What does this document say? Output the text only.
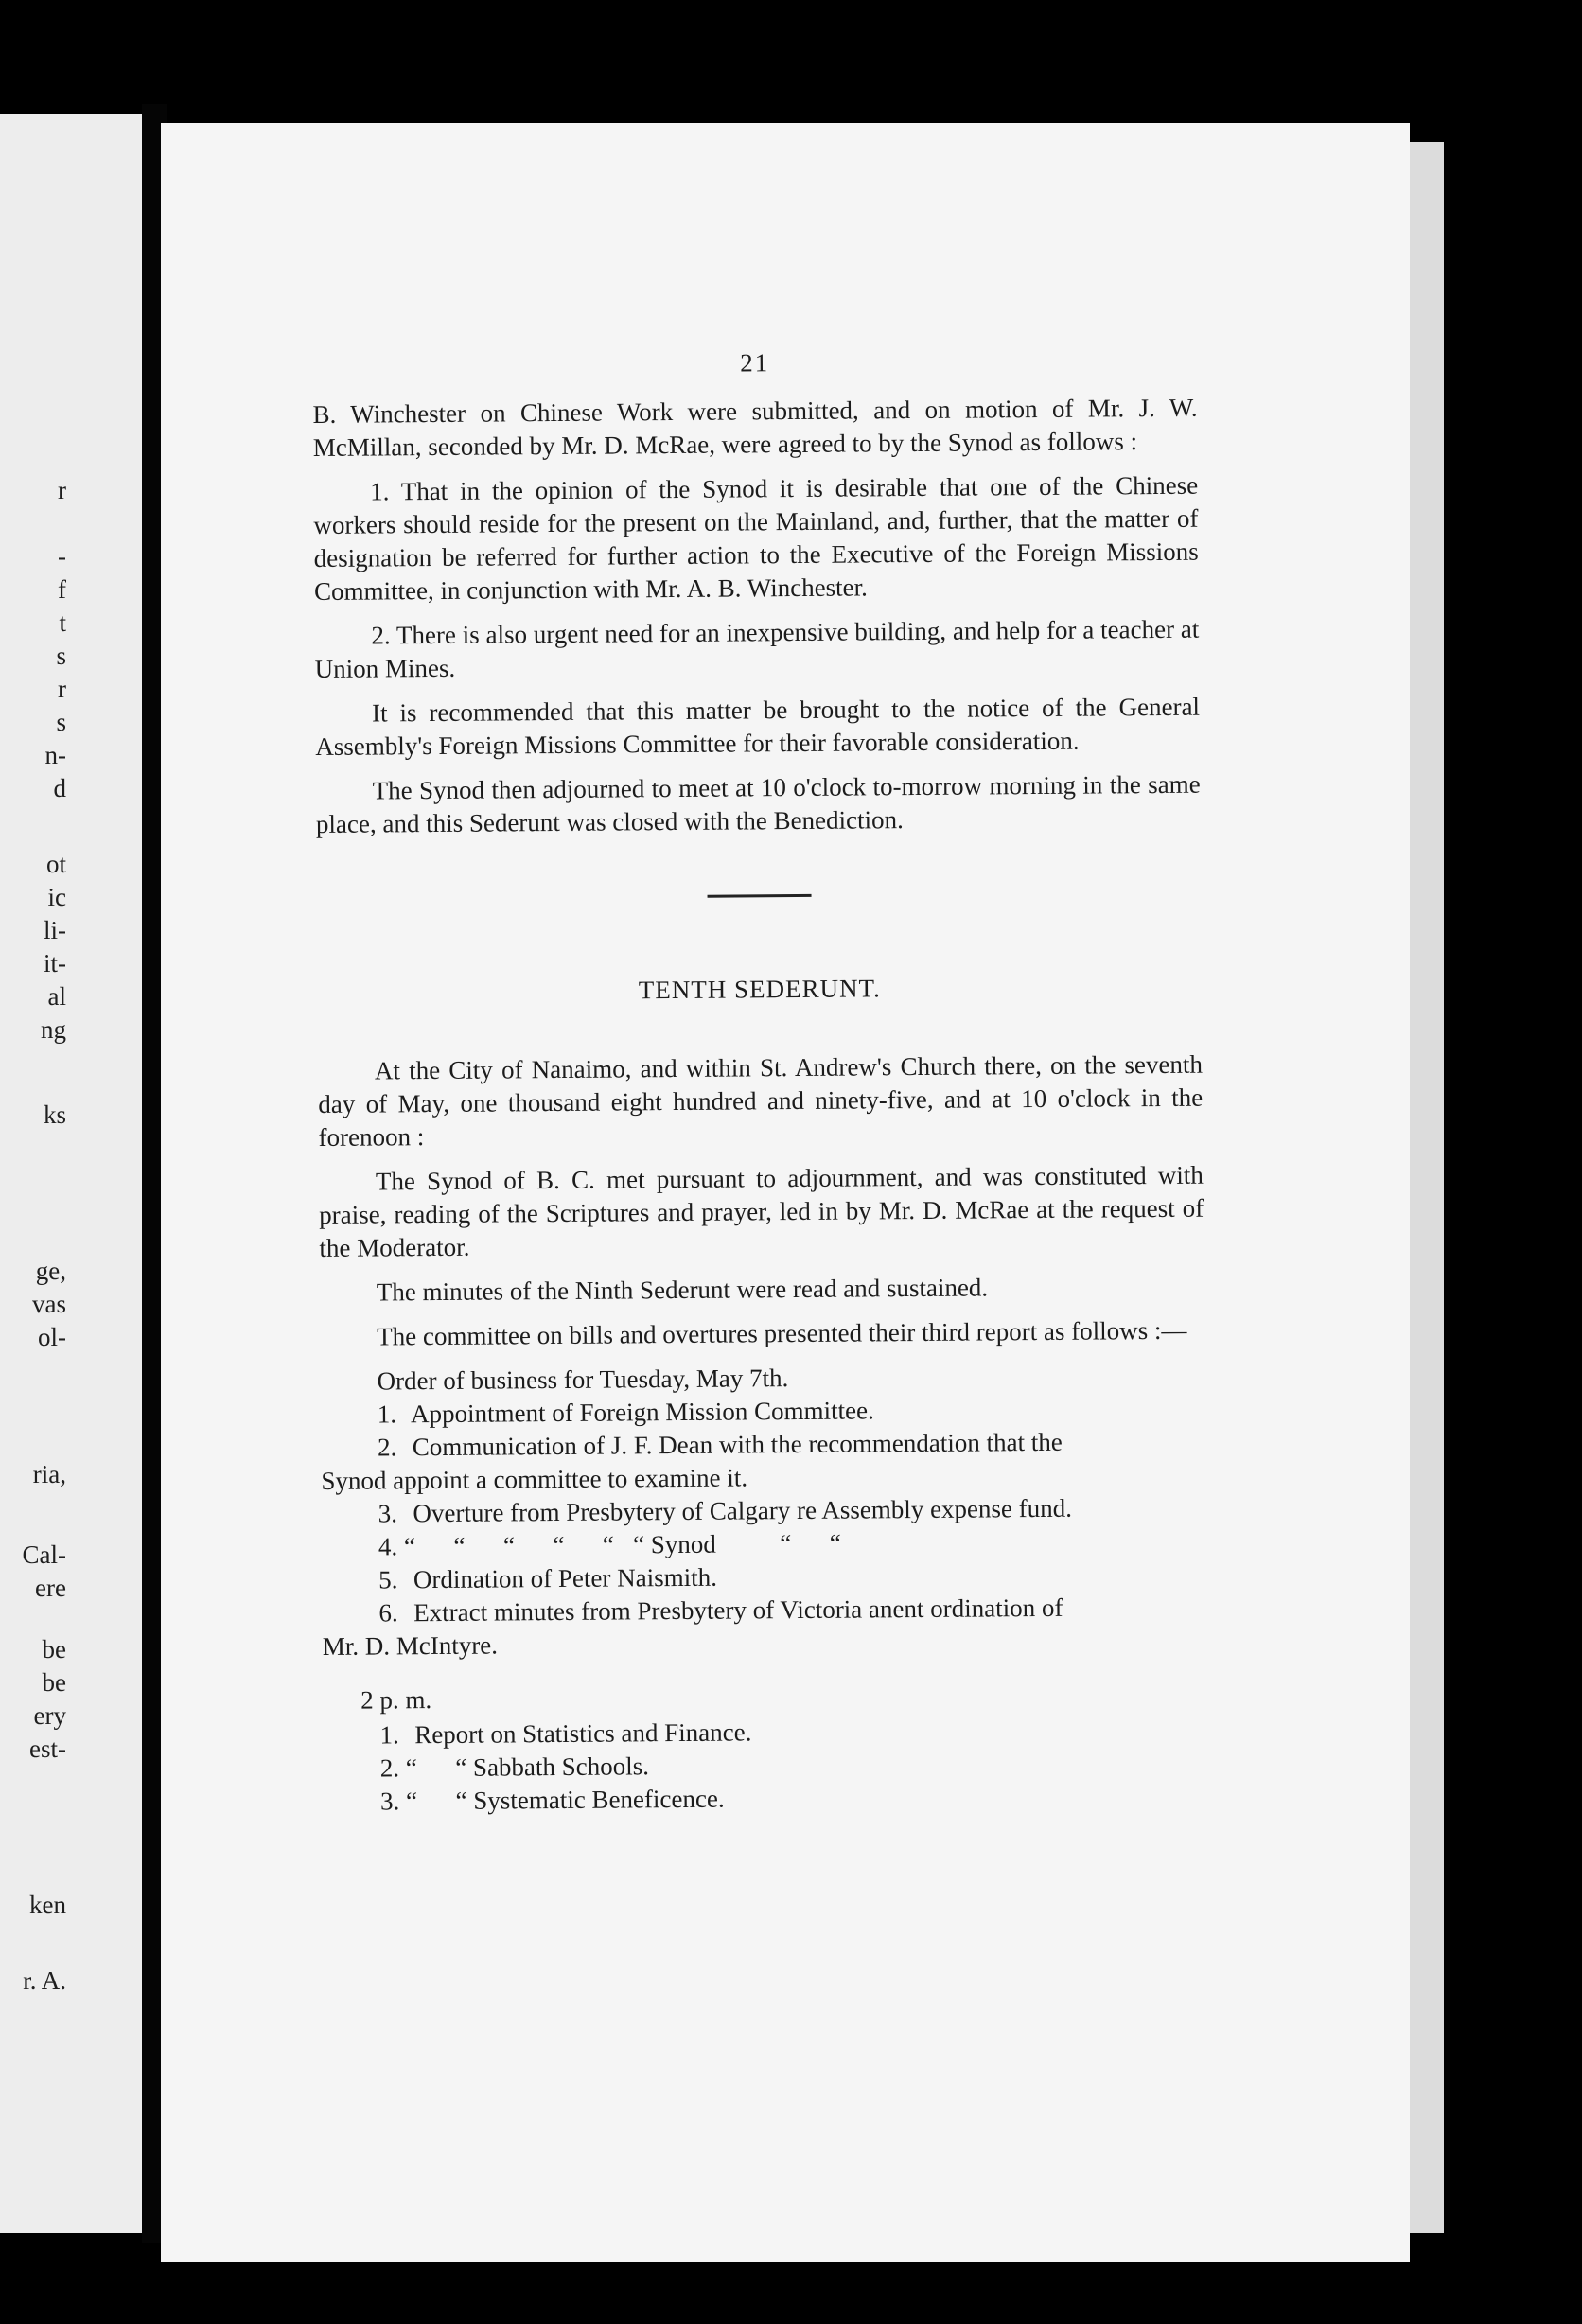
r
-
f
t
s
r
s
n-
d
ot
ic
li-
it-
al
ng
ks
ge,
vas
ol-
ria,
Cal-
ere
be
be
ery
est-
ken
r. A.
21

B. Winchester on Chinese Work were submitted, and on motion of Mr. J. W. McMillan, seconded by Mr. D. McRae, were agreed to by the Synod as follows :

1. That in the opinion of the Synod it is desirable that one of the Chinese workers should reside for the present on the Mainland, and, further, that the matter of designation be referred for further action to the Executive of the Foreign Missions Committee, in conjunction with Mr. A. B. Winchester.

2. There is also urgent need for an inexpensive building, and help for a teacher at Union Mines.

It is recommended that this matter be brought to the notice of the General Assembly's Foreign Missions Committee for their favorable consideration.

The Synod then adjourned to meet at 10 o'clock to-morrow morning in the same place, and this Sederunt was closed with the Benediction.

TENTH SEDERUNT.

At the City of Nanaimo, and within St. Andrew's Church there, on the seventh day of May, one thousand eight hundred and ninety-five, and at 10 o'clock in the forenoon :

The Synod of B. C. met pursuant to adjournment, and was constituted with praise, reading of the Scriptures and prayer, led in by Mr. D. McRae at the request of the Moderator.

The minutes of the Ninth Sederunt were read and sustained.

The committee on bills and overtures presented their third report as follows :—

Order of business for Tuesday, May 7th.

1. Appointment of Foreign Mission Committee.

2. Communication of J. F. Dean with the recommendation that the

Synod appoint a committee to examine it.

3. Overture from Presbytery of Calgary re Assembly expense fund.

4. “      “      “      “      “   “ Synod          “      “

5. Ordination of Peter Naismith.

6. Extract minutes from Presbytery of Victoria anent ordination of

Mr. D. McIntyre.

2 p. m.

1. Report on Statistics and Finance.

2. “      “ Sabbath Schools.

3. “      “ Systematic Beneficence.
